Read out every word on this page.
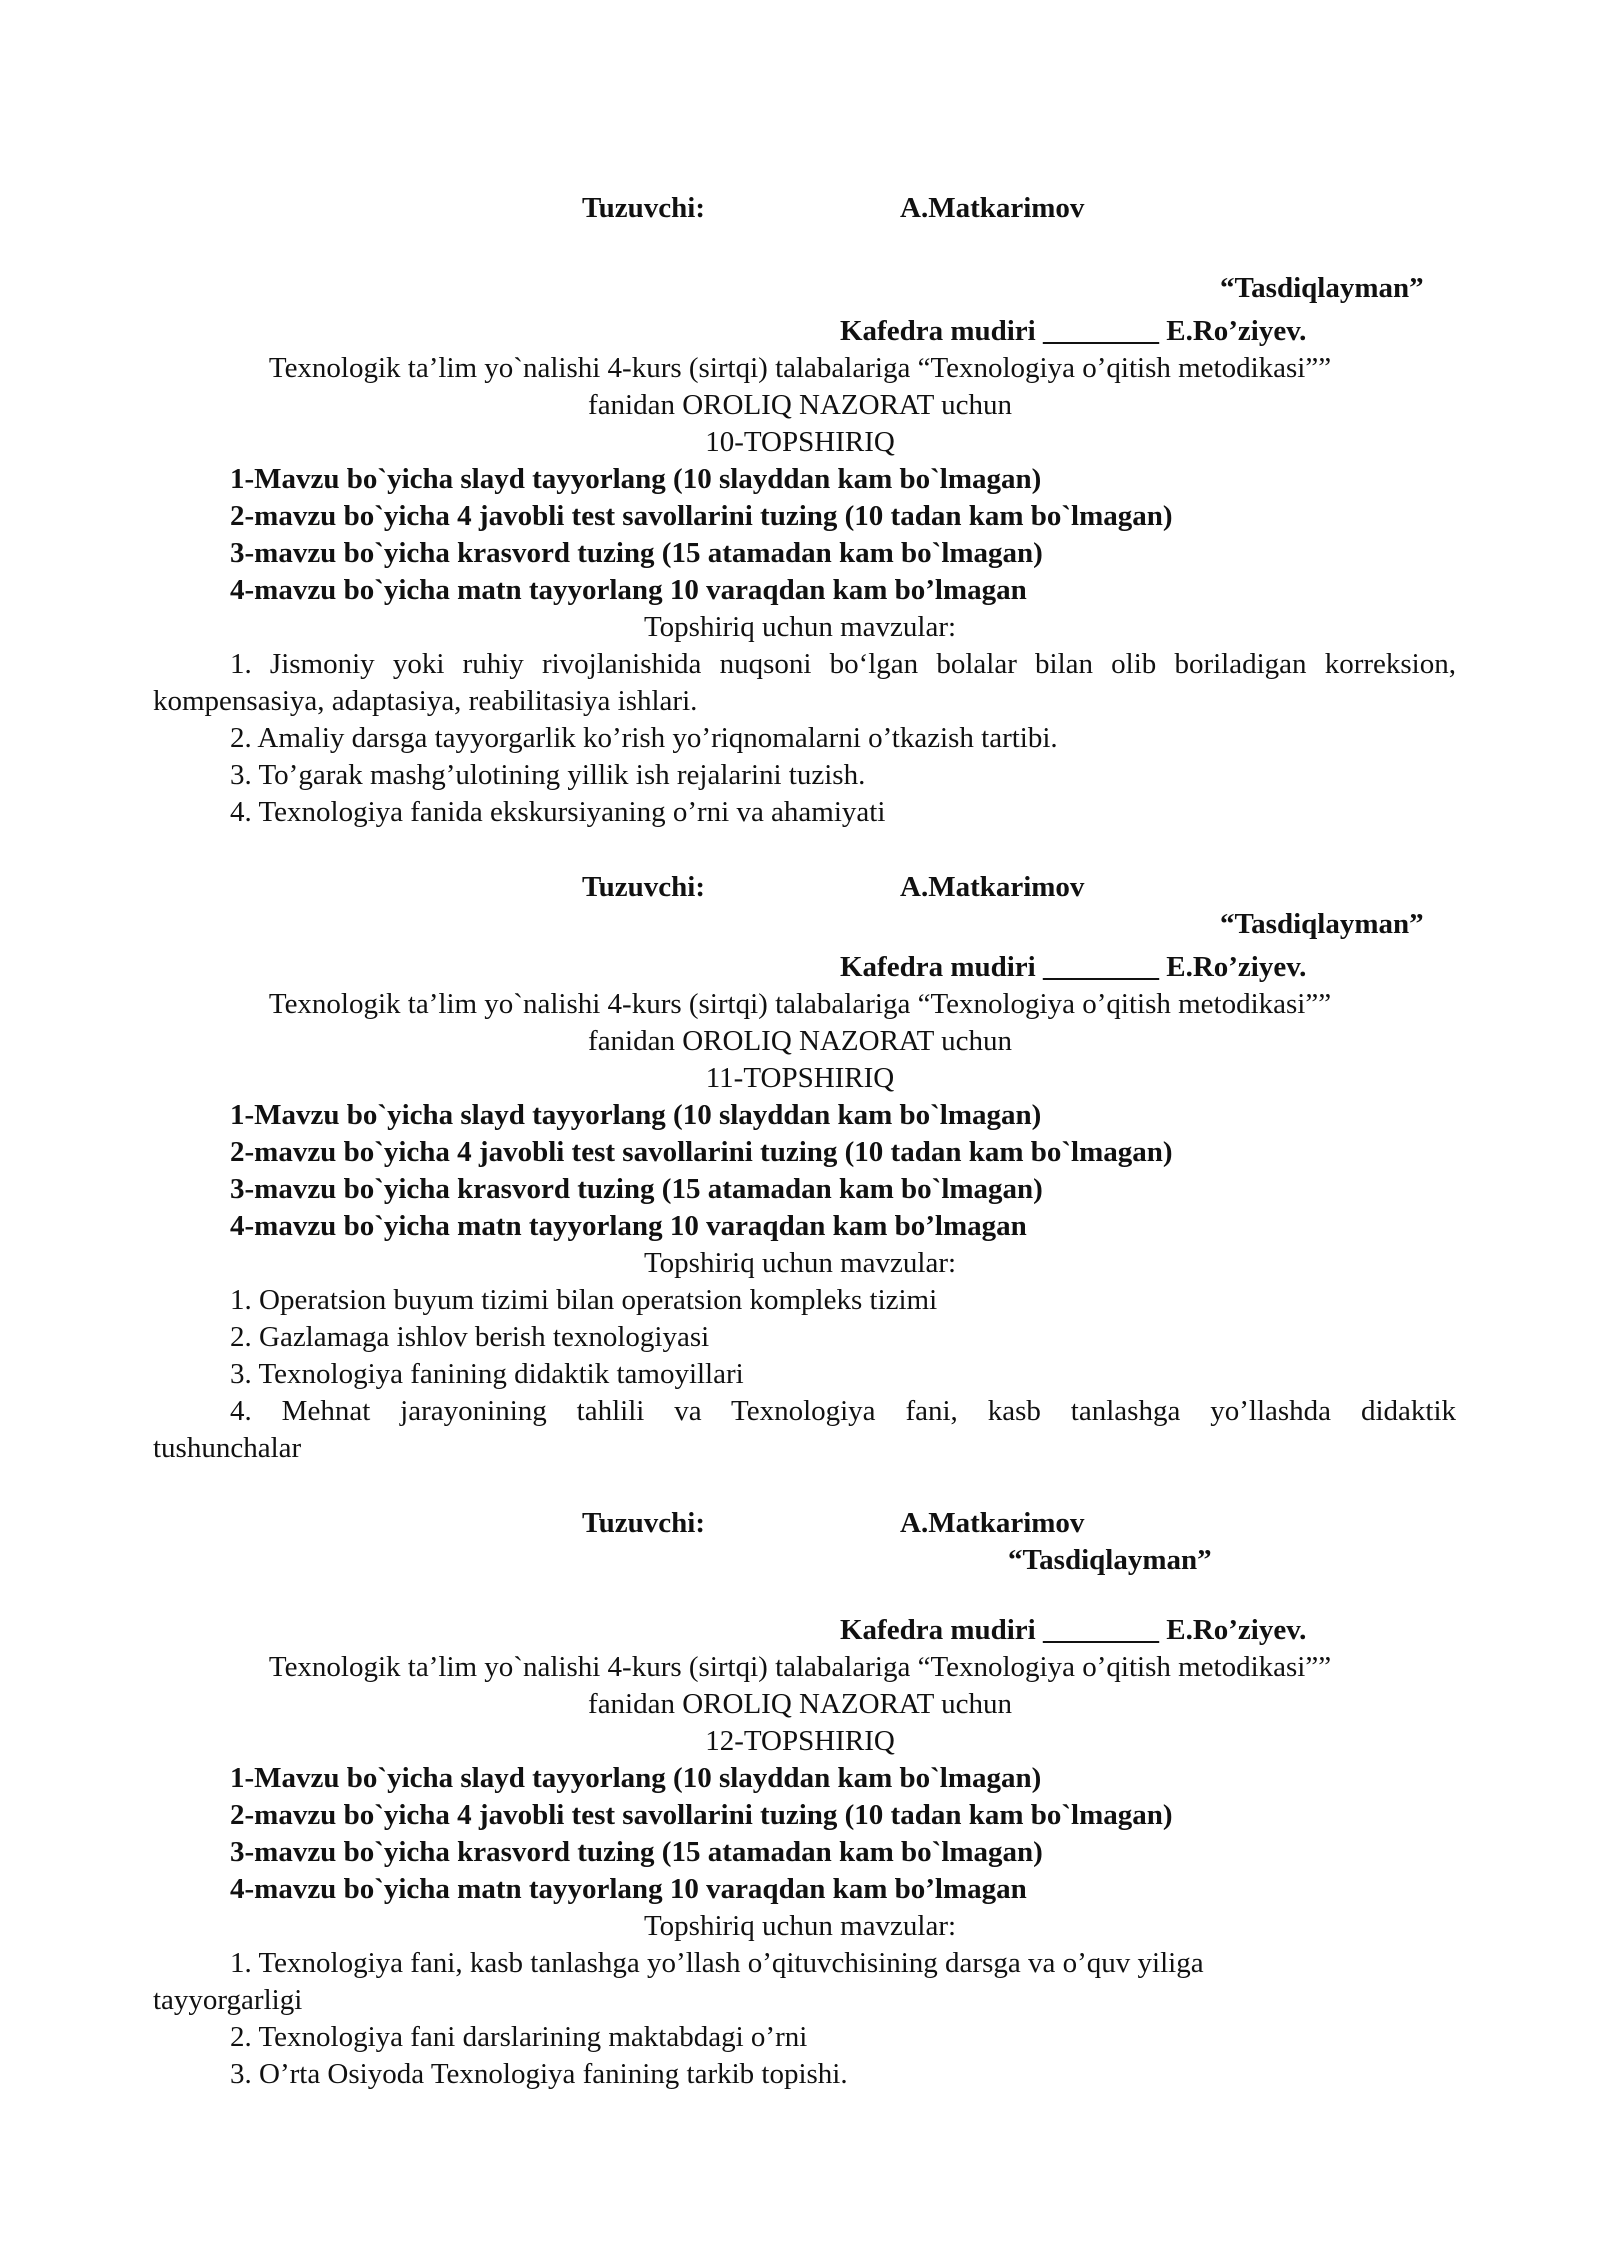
Tuzuvchi:	A.Matkarimov

“Tasdiqlayman”

Kafedra mudiri ________ E.Ro’ziyev.

Texnologik ta’lim yo`nalishi 4-kurs (sirtqi) talabalariga “Texnologiya o’qitish metodikasi””

fanidan OROLIQ NAZORAT uchun

10-TOPSHIRIQ

1-Mavzu bo`yicha slayd tayyorlang (10 slayddan kam bo`lmagan)

2-mavzu bo`yicha 4 javobli test savollarini tuzing (10 tadan kam bo`lmagan)

3-mavzu bo`yicha krasvord tuzing (15 atamadan kam bo`lmagan)

4-mavzu bo`yicha matn tayyorlang 10 varaqdan kam bo’lmagan

Topshiriq uchun mavzular:

1. Jismoniy yoki ruhiy rivojlanishida nuqsoni bo‘lgan bolalar bilan olib boriladigan korreksion,

kompensasiya, adaptasiya, reabilitasiya ishlari.

2. Amaliy darsga tayyorgarlik ko’rish yo’riqnomalarni o’tkazish tartibi.

3. To’garak mashg’ulotining yillik ish rejalarini tuzish.

4. Texnologiya fanida ekskursiyaning o’rni va ahamiyati

Tuzuvchi:	A.Matkarimov

“Tasdiqlayman”

Kafedra mudiri ________ E.Ro’ziyev.

Texnologik ta’lim yo`nalishi 4-kurs (sirtqi) talabalariga “Texnologiya o’qitish metodikasi””

fanidan OROLIQ NAZORAT uchun

11-TOPSHIRIQ

1-Mavzu bo`yicha slayd tayyorlang (10 slayddan kam bo`lmagan)

2-mavzu bo`yicha 4 javobli test savollarini tuzing (10 tadan kam bo`lmagan)

3-mavzu bo`yicha krasvord tuzing (15 atamadan kam bo`lmagan)

4-mavzu bo`yicha matn tayyorlang 10 varaqdan kam bo’lmagan

Topshiriq uchun mavzular:

1. Operatsion buyum tizimi bilan operatsion kompleks tizimi

2. Gazlamaga ishlov berish texnologiyasi

3. Texnologiya fanining didaktik tamoyillari

4. Mehnat jarayonining tahlili va Texnologiya fani, kasb tanlashga yo’llashda didaktik

tushunchalar

Tuzuvchi:	A.Matkarimov

“Tasdiqlayman”

Kafedra mudiri ________ E.Ro’ziyev.

Texnologik ta’lim yo`nalishi 4-kurs (sirtqi) talabalariga “Texnologiya o’qitish metodikasi””

fanidan OROLIQ NAZORAT uchun

12-TOPSHIRIQ

1-Mavzu bo`yicha slayd tayyorlang (10 slayddan kam bo`lmagan)

2-mavzu bo`yicha 4 javobli test savollarini tuzing (10 tadan kam bo`lmagan)

3-mavzu bo`yicha krasvord tuzing (15 atamadan kam bo`lmagan)

4-mavzu bo`yicha matn tayyorlang 10 varaqdan kam bo’lmagan

Topshiriq uchun mavzular:

1. Texnologiya fani, kasb tanlashga yo’llash o’qituvchisining darsga va o’quv yiliga

tayyorgarligi

2. Texnologiya fani darslarining maktabdagi o’rni

3. O’rta Osiyoda Texnologiya fanining tarkib topishi.
